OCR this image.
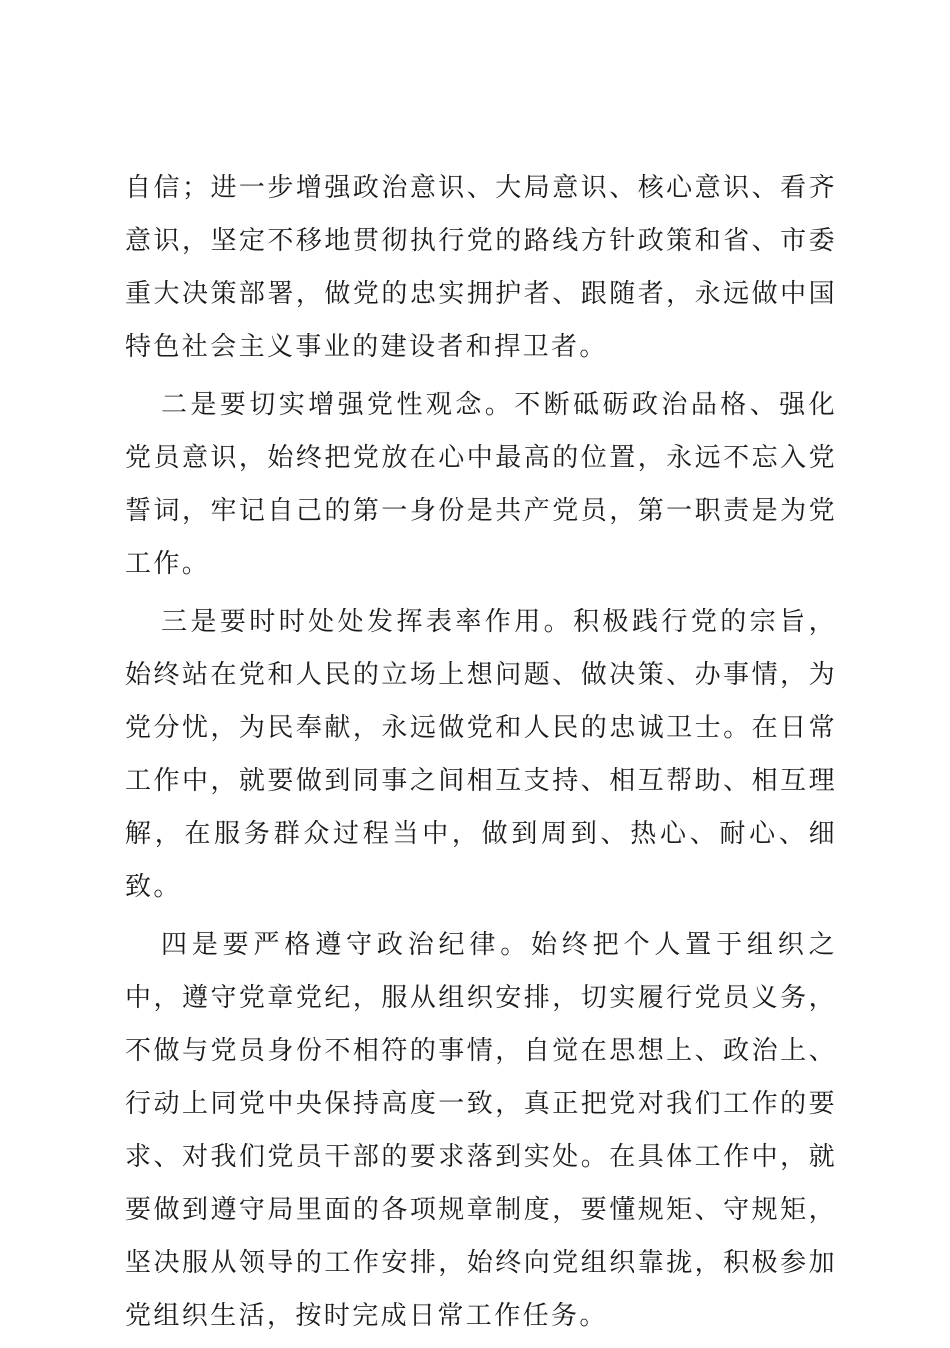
自信；进一步增强政治意识、大局意识、核心意识、看齐意识，坚定不移地贯彻执行党的路线方针政策和省、市委重大决策部署，做党的忠实拥护者、跟随者，永远做中国特色社会主义事业的建设者和捍卫者。

二是要切实增强党性观念。不断砥砺政治品格、强化党员意识，始终把党放在心中最高的位置，永远不忘入党誓词，牢记自己的第一身份是共产党员，第一职责是为党工作。

三是要时时处处发挥表率作用。积极践行党的宗旨，始终站在党和人民的立场上想问题、做决策、办事情，为党分忧，为民奉献，永远做党和人民的忠诚卫士。在日常工作中，就要做到同事之间相互支持、相互帮助、相互理解，在服务群众过程当中，做到周到、热心、耐心、细致。

四是要严格遵守政治纪律。始终把个人置于组织之中，遵守党章党纪，服从组织安排，切实履行党员义务，不做与党员身份不相符的事情，自觉在思想上、政治上、行动上同党中央保持高度一致，真正把党对我们工作的要求、对我们党员干部的要求落到实处。在具体工作中，就要做到遵守局里面的各项规章制度，要懂规矩、守规矩，坚决服从领导的工作安排，始终向党组织靠拢，积极参加党组织生活，按时完成日常工作任务。
